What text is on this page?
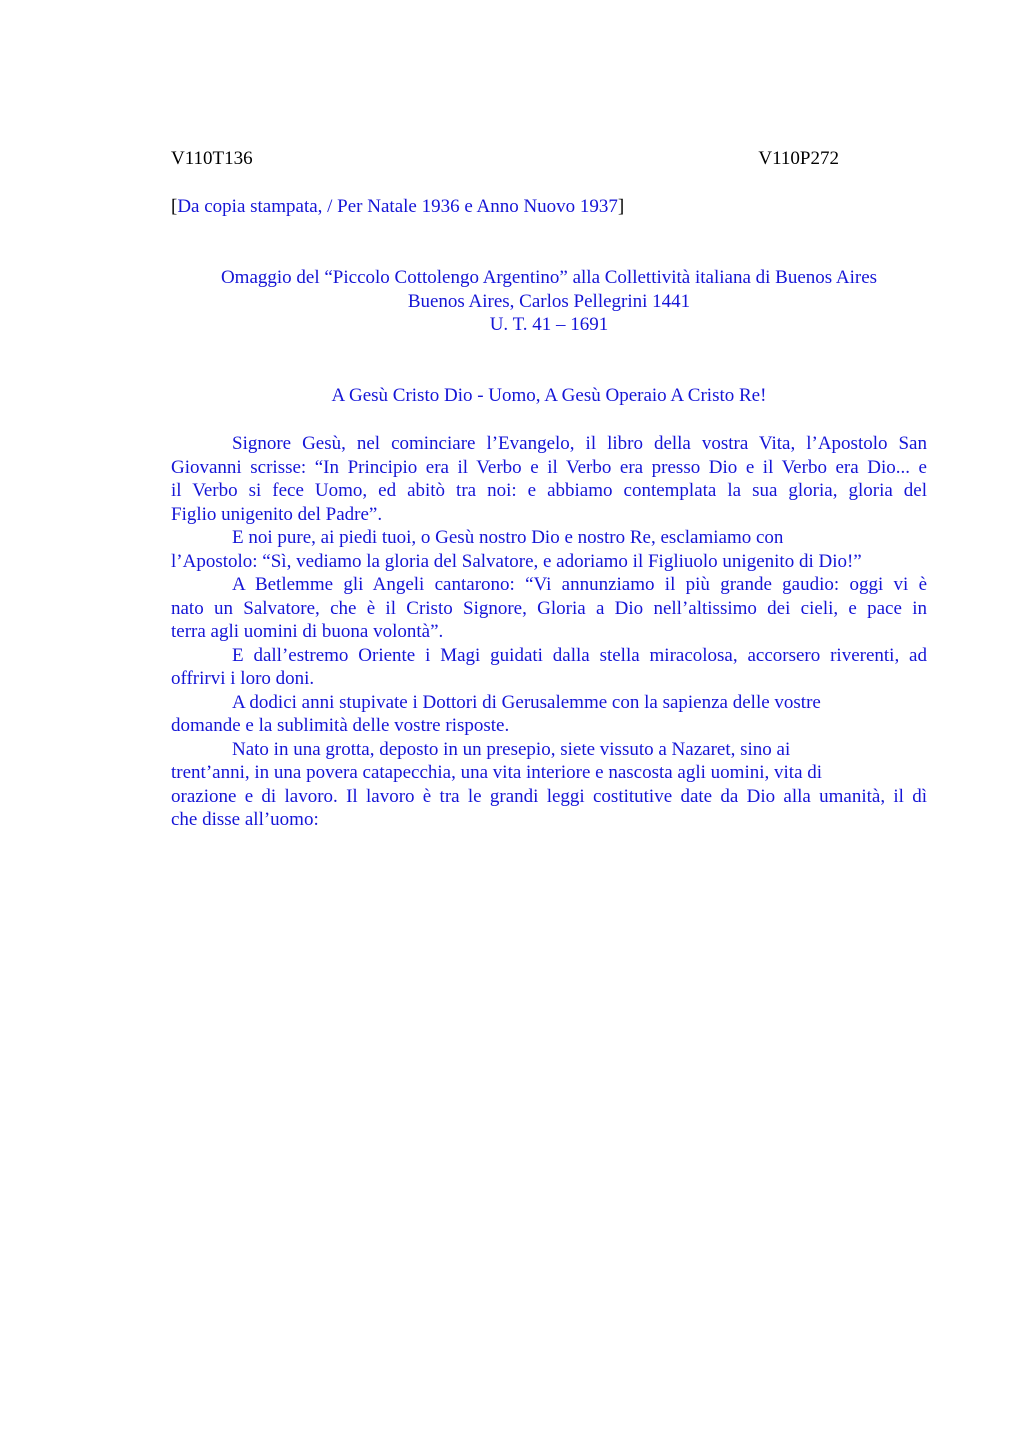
V110T136	V110P272
[Da copia stampata, / Per Natale 1936 e Anno Nuovo 1937]
Omaggio del “Piccolo Cottolengo Argentino” alla Collettività italiana di Buenos Aires
Buenos Aires, Carlos Pellegrini 1441
U. T. 41 – 1691
A Gesù Cristo Dio - Uomo, A Gesù Operaio A Cristo Re!
Signore Gesù, nel cominciare l’Evangelo, il libro della vostra Vita, l’Apostolo San
Giovanni scrisse: “In Principio era il Verbo e il Verbo era presso Dio e il Verbo era Dio... e
il Verbo si fece Uomo, ed abitò tra noi: e abbiamo contemplata la sua gloria, gloria del
Figlio unigenito del Padre”.
E noi pure, ai piedi tuoi, o Gesù nostro Dio e nostro Re, esclamiamo con
l’Apostolo: “Sì, vediamo la gloria del Salvatore, e adoriamo il Figliuolo unigenito di Dio!”
A Betlemme gli Angeli cantarono: “Vi annunziamo il più grande gaudio: oggi vi è
nato un Salvatore, che è il Cristo Signore, Gloria a Dio nell’altissimo dei cieli, e pace in
terra agli uomini di buona volontà”.
E dall’estremo Oriente i Magi guidati dalla stella miracolosa, accorsero riverenti, ad
offrirvi i loro doni.
A dodici anni stupivate i Dottori di Gerusalemme con la sapienza delle vostre
domande e la sublimità delle vostre risposte.
Nato in una grotta, deposto in un presepio, siete vissuto a Nazaret, sino ai
trent’anni, in una povera catapecchia, una vita interiore e nascosta agli uomini, vita di
orazione e di lavoro. Il lavoro è tra le grandi leggi costitutive date da Dio alla umanità, il dì
che disse all’uomo:
